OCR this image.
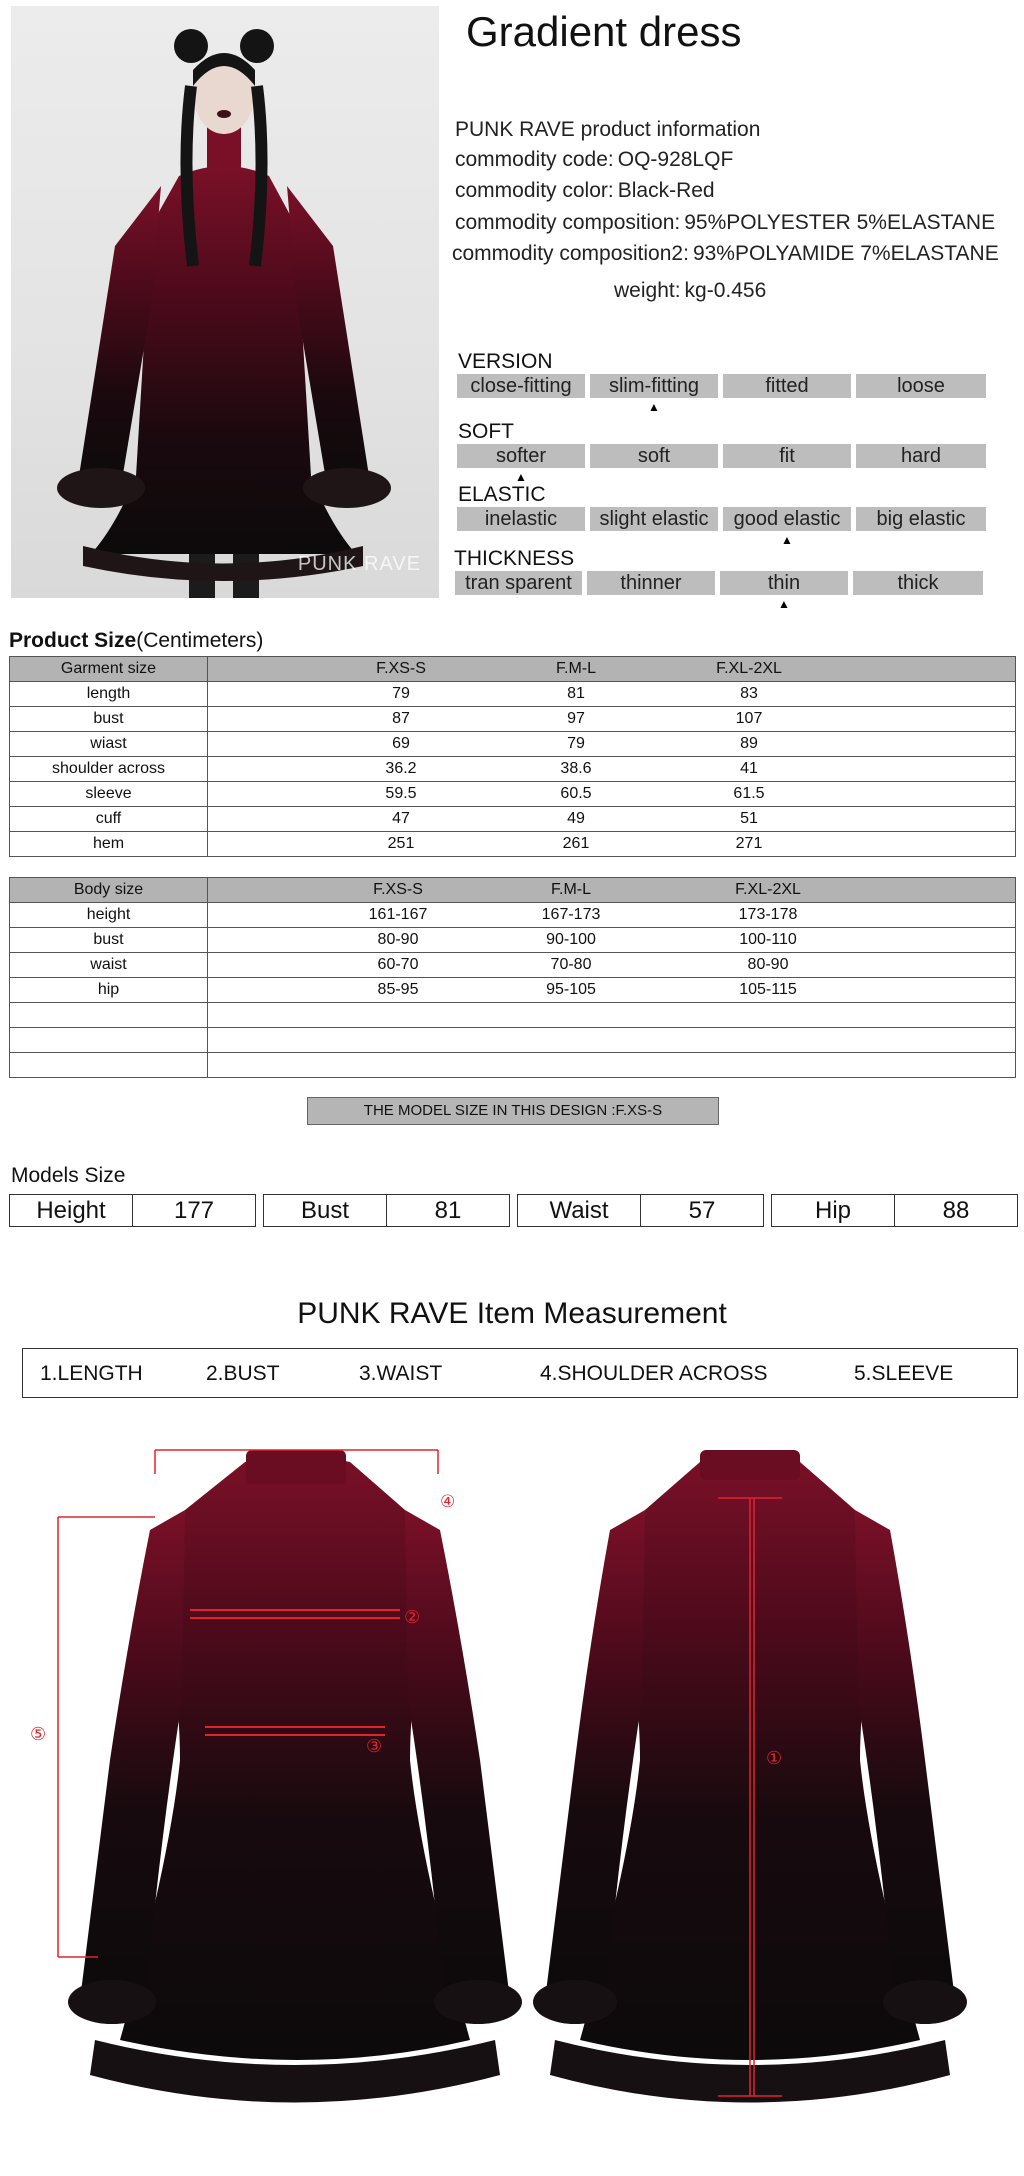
PUNK RAVE
Gradient dress
PUNK RAVE product information
commodity code: OQ-928LQF
commodity color: Black-Red
commodity composition: 95%POLYESTER 5%ELASTANE
commodity composition2: 93%POLYAMIDE 7%ELASTANE
weight: kg-0.456
VERSION
close-fitting	slim-fitting
▲
fitted	loose
SOFT
softer
▲
soft	fit	hard
ELASTIC
inelastic	slight elastic	good elastic
▲
big elastic
THICKNESS
tran sparent	thinner	thin
▲
thick
Product Size(Centimeters)
Garment size	F.XS-S F.M-L F.XL-2XL

length	79 81 83

bust	87 97 107

wiast	69 79 89

shoulder across	36.2 38.6 41

sleeve	59.5 60.5 61.5

cuff	47 49 51

hem	251 261 271
Body size	F.XS-S F.M-L F.XL-2XL

height	161-167 167-173 173-178

bust	80-90 90-100 100-110

waist	60-70 70-80 80-90

hip	85-95 95-105 105-115

THE MODEL SIZE IN THIS DESIGN :F.XS-S
Models Size
Height	177	Bust	81	Waist	57	Hip	88
PUNK RAVE Item Measurement
1.LENGTH	2.BUST	3.WAIST	4.SHOULDER ACROSS	5.SLEEVE
④
②
③
⑤
①
